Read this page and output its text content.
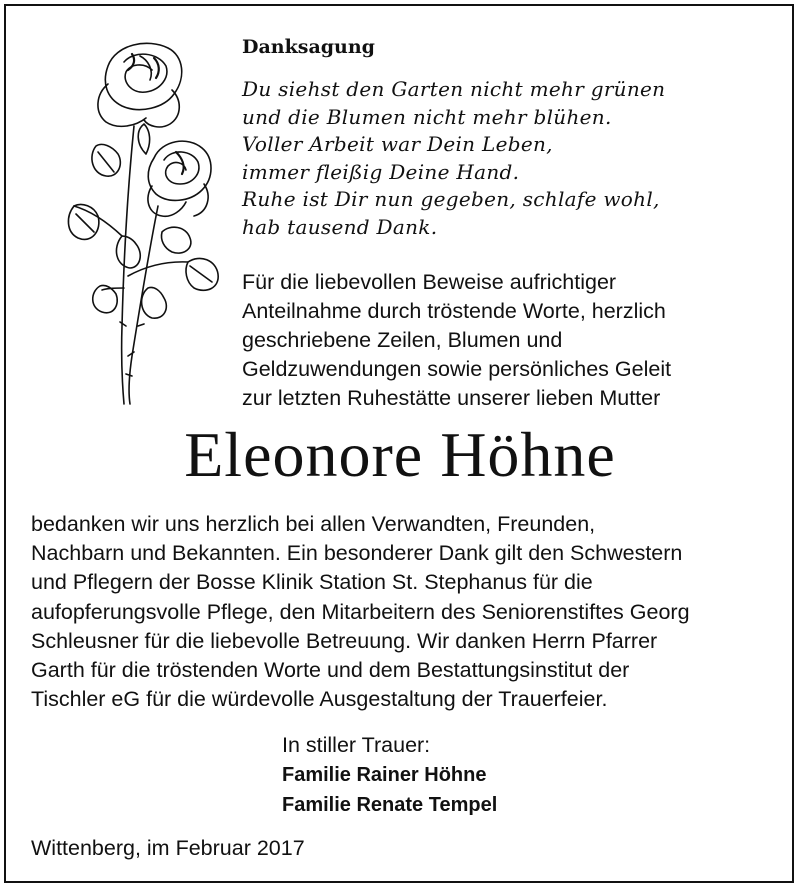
Danksagung
Du siehst den Garten nicht mehr grünen
und die Blumen nicht mehr blühen.
Voller Arbeit war Dein Leben,
immer fleißig Deine Hand.
Ruhe ist Dir nun gegeben, schlafe wohl,
hab tausend Dank.
Für die liebevollen Beweise aufrichtiger
Anteilnahme durch tröstende Worte, herzlich
geschriebene Zeilen, Blumen und
Geldzuwendungen sowie persönliches Geleit
zur letzten Ruhestätte unserer lieben Mutter
Eleonore Höhne
bedanken wir uns herzlich bei allen Verwandten, Freunden,
Nachbarn und Bekannten. Ein besonderer Dank gilt den Schwestern
und Pflegern der Bosse Klinik Station St. Stephanus für die
aufopferungsvolle Pflege, den Mitarbeitern des Seniorenstiftes Georg
Schleusner für die liebevolle Betreuung. Wir danken Herrn Pfarrer
Garth für die tröstenden Worte und dem Bestattungsinstitut der
Tischler eG für die würdevolle Ausgestaltung der Trauerfeier.
In stiller Trauer:
Familie Rainer Höhne
Familie Renate Tempel
Wittenberg, im Februar 2017
